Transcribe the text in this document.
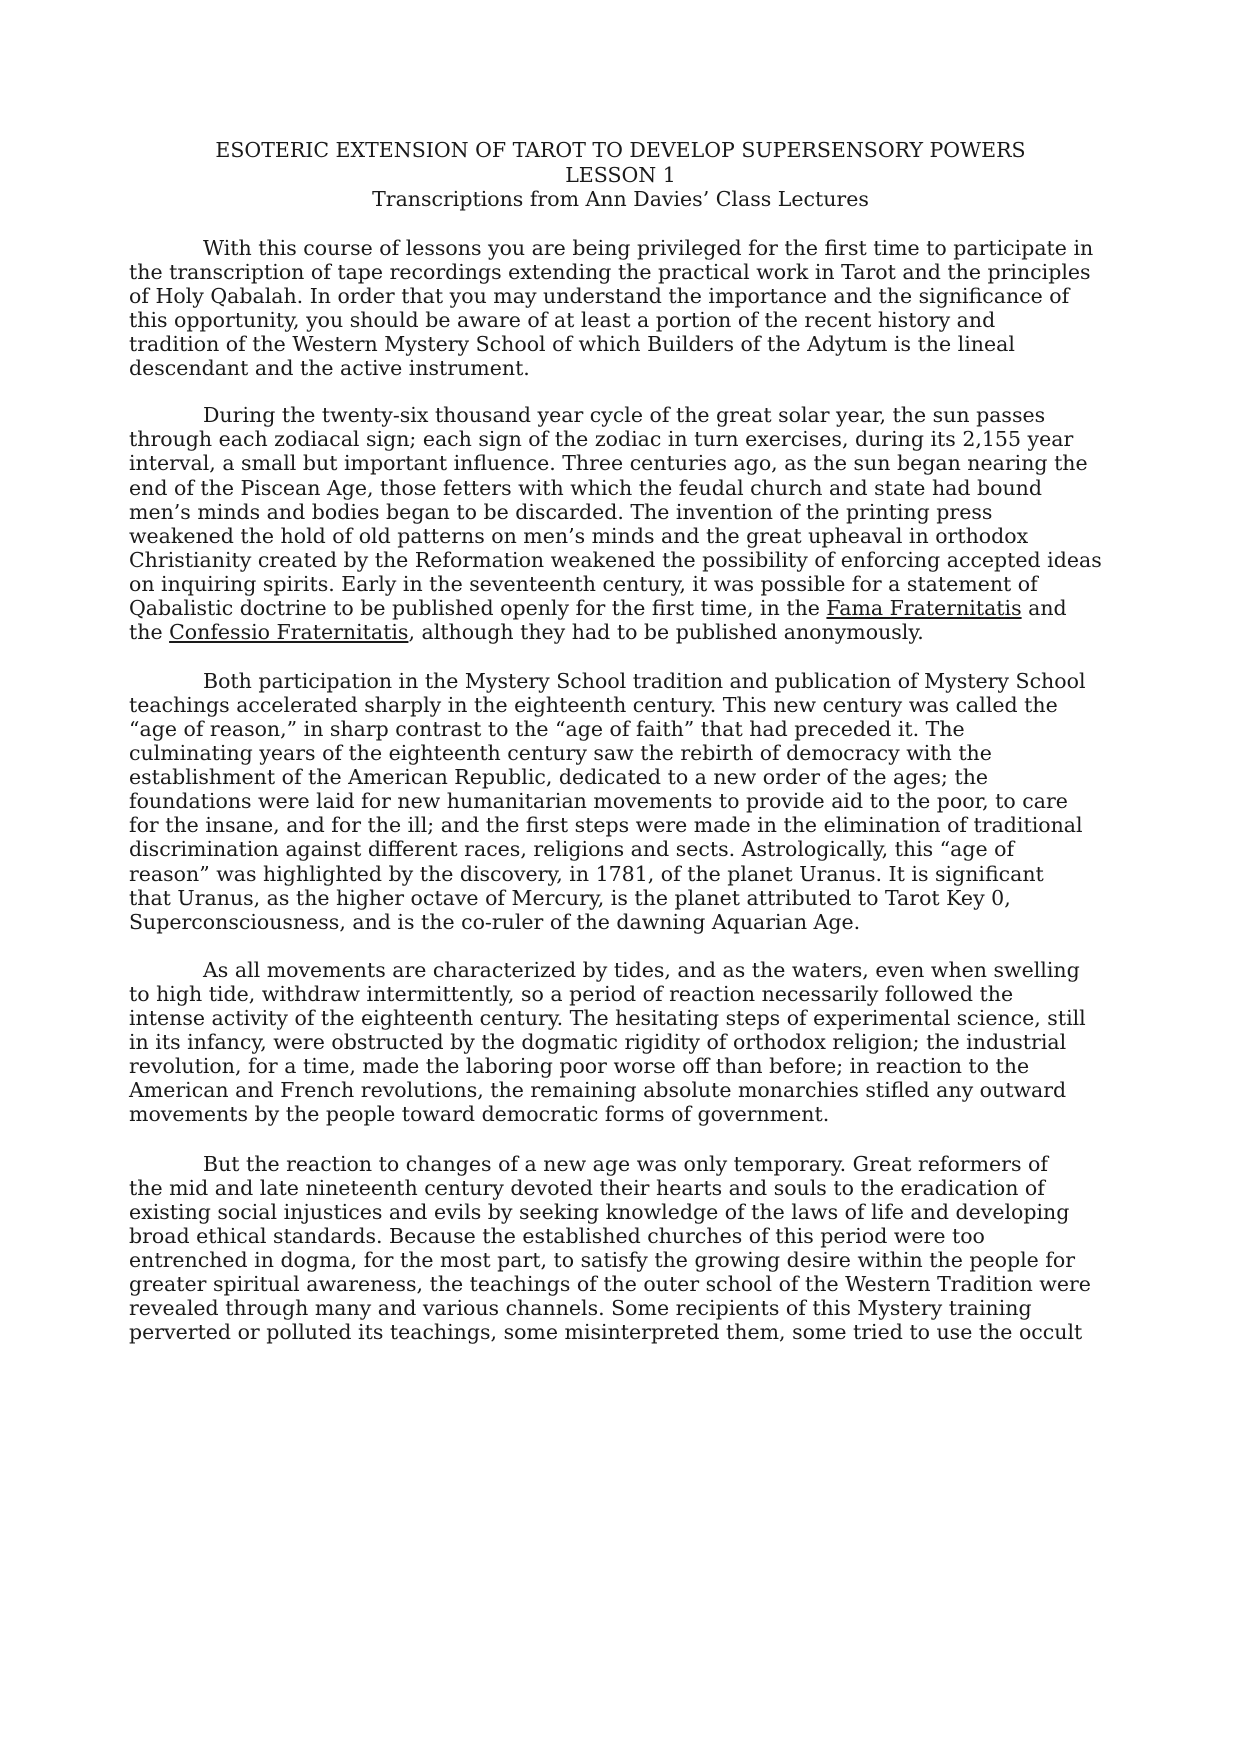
ESOTERIC EXTENSION OF TAROT TO DEVELOP SUPERSENSORY POWERS
LESSON 1
Transcriptions from Ann Davies’ Class Lectures
With this course of lessons you are being privileged for the first time to participate in
the transcription of tape recordings extending the practical work in Tarot and the principles
of Holy Qabalah. In order that you may understand the importance and the significance of
this opportunity, you should be aware of at least a portion of the recent history and
tradition of the Western Mystery School of which Builders of the Adytum is the lineal
descendant and the active instrument.
During the twenty-six thousand year cycle of the great solar year, the sun passes
through each zodiacal sign; each sign of the zodiac in turn exercises, during its 2,155 year
interval, a small but important influence. Three centuries ago, as the sun began nearing the
end of the Piscean Age, those fetters with which the feudal church and state had bound
men’s minds and bodies began to be discarded. The invention of the printing press
weakened the hold of old patterns on men’s minds and the great upheaval in orthodox
Christianity created by the Reformation weakened the possibility of enforcing accepted ideas
on inquiring spirits. Early in the seventeenth century, it was possible for a statement of
Qabalistic doctrine to be published openly for the first time, in the Fama Fraternitatis and
the Confessio Fraternitatis, although they had to be published anonymously.
Both participation in the Mystery School tradition and publication of Mystery School
teachings accelerated sharply in the eighteenth century. This new century was called the
“age of reason,” in sharp contrast to the “age of faith” that had preceded it. The
culminating years of the eighteenth century saw the rebirth of democracy with the
establishment of the American Republic, dedicated to a new order of the ages; the
foundations were laid for new humanitarian movements to provide aid to the poor, to care
for the insane, and for the ill; and the first steps were made in the elimination of traditional
discrimination against different races, religions and sects. Astrologically, this “age of
reason” was highlighted by the discovery, in 1781, of the planet Uranus. It is significant
that Uranus, as the higher octave of Mercury, is the planet attributed to Tarot Key 0,
Superconsciousness, and is the co-ruler of the dawning Aquarian Age.
As all movements are characterized by tides, and as the waters, even when swelling
to high tide, withdraw intermittently, so a period of reaction necessarily followed the
intense activity of the eighteenth century. The hesitating steps of experimental science, still
in its infancy, were obstructed by the dogmatic rigidity of orthodox religion; the industrial
revolution, for a time, made the laboring poor worse off than before; in reaction to the
American and French revolutions, the remaining absolute monarchies stifled any outward
movements by the people toward democratic forms of government.
But the reaction to changes of a new age was only temporary. Great reformers of
the mid and late nineteenth century devoted their hearts and souls to the eradication of
existing social injustices and evils by seeking knowledge of the laws of life and developing
broad ethical standards. Because the established churches of this period were too
entrenched in dogma, for the most part, to satisfy the growing desire within the people for
greater spiritual awareness, the teachings of the outer school of the Western Tradition were
revealed through many and various channels. Some recipients of this Mystery training
perverted or polluted its teachings, some misinterpreted them, some tried to use the occult
